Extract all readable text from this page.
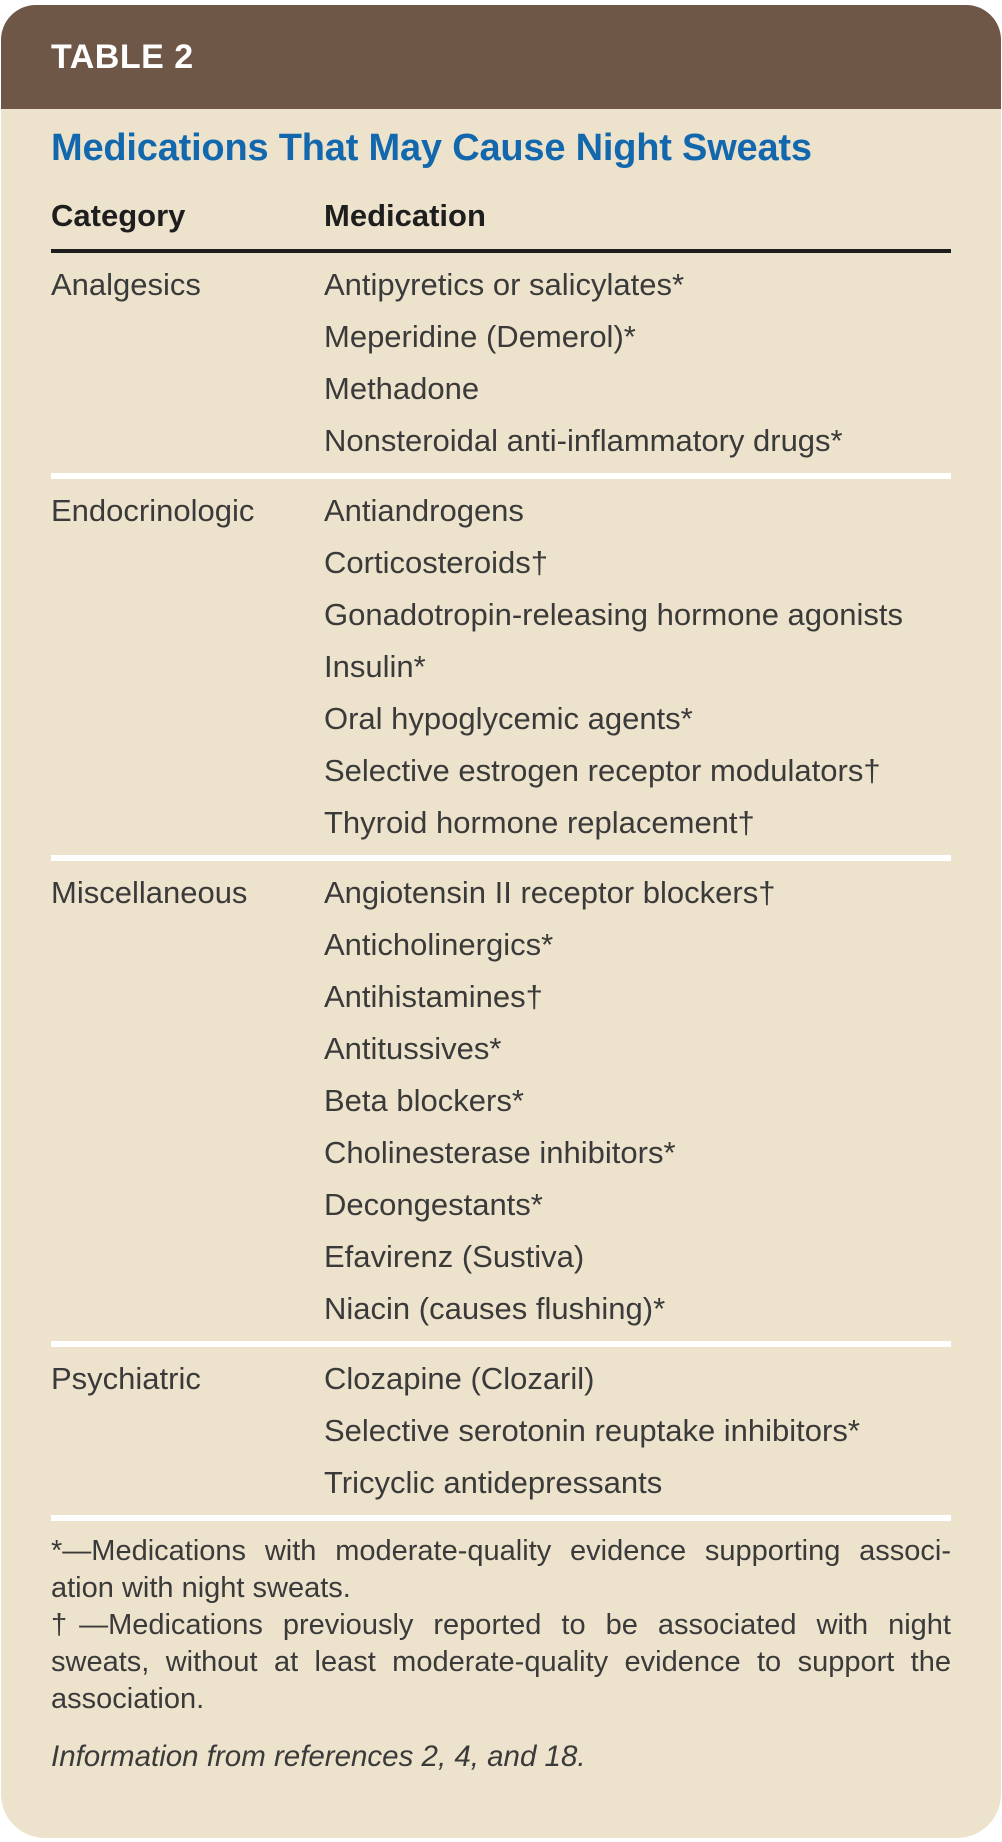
TABLE 2
Medications That May Cause Night Sweats
Category	Medication
Analgesics	Antipyretics or salicylates*
Meperidine (Demerol)*
Methadone
Nonsteroidal anti-inflammatory drugs*
Endocrinologic	Antiandrogens
Corticosteroids†
Gonadotropin-releasing hormone agonists
Insulin*
Oral hypoglycemic agents*
Selective estrogen receptor modulators†
Thyroid hormone replacement†
Miscellaneous	Angiotensin II receptor blockers†
Anticholinergics*
Antihistamines†
Antitussives*
Beta blockers*
Cholinesterase inhibitors*
Decongestants*
Efavirenz (Sustiva)
Niacin (causes flushing)*
Psychiatric	Clozapine (Clozaril)
Selective serotonin reuptake inhibitors*
Tricyclic antidepressants
*—Medications with moderate-quality evidence supporting associ-
ation with night sweats.
†—Medications previously reported to be associated with night
sweats, without at least moderate-quality evidence to support the
association.

Information from references 2, 4, and 18.
